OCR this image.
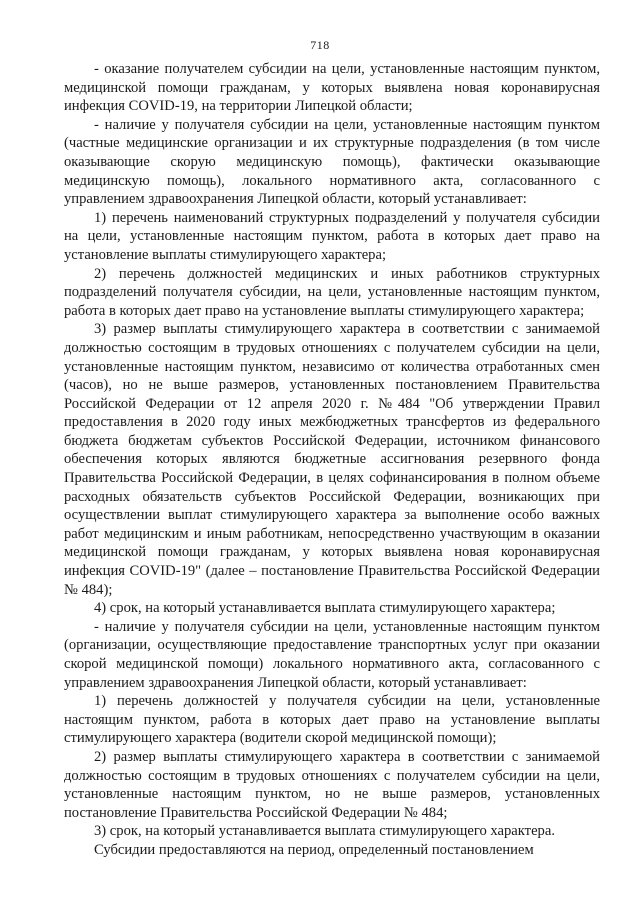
718

- оказание получателем субсидии на цели, установленные настоящим пунктом, медицинской помощи гражданам, у которых выявлена новая коронавирусная инфекция COVID-19, на территории Липецкой области;

- наличие у получателя субсидии на цели, установленные настоящим пунктом (частные медицинские организации и их структурные подразделения (в том числе оказывающие скорую медицинскую помощь), фактически оказывающие медицинскую помощь), локального нормативного акта, согласованного с управлением здравоохранения Липецкой области, который устанавливает:

1) перечень наименований структурных подразделений у получателя субсидии на цели, установленные настоящим пунктом, работа в которых дает право на установление выплаты стимулирующего характера;

2) перечень должностей медицинских и иных работников структурных подразделений получателя субсидии, на цели, установленные настоящим пунктом, работа в которых дает право на установление выплаты стимулирующего характера;

3) размер выплаты стимулирующего характера в соответствии с занимаемой должностью состоящим в трудовых отношениях с получателем субсидии на цели, установленные настоящим пунктом, независимо от количества отработанных смен (часов), но не выше размеров, установленных постановлением Правительства Российской Федерации от 12 апреля 2020 г. №484 "Об утверждении Правил предоставления в 2020 году иных межбюджетных трансфертов из федерального бюджета бюджетам субъектов Российской Федерации, источником финансового обеспечения которых являются бюджетные ассигнования резервного фонда Правительства Российской Федерации, в целях софинансирования в полном объеме расходных обязательств субъектов Российской Федерации, возникающих при осуществлении выплат стимулирующего характера за выполнение особо важных работ медицинским и иным работникам, непосредственно участвующим в оказании медицинской помощи гражданам, у которых выявлена новая коронавирусная инфекция COVID-19" (далее – постановление Правительства Российской Федерации № 484);

4) срок, на который устанавливается выплата стимулирующего характера;

- наличие у получателя субсидии на цели, установленные настоящим пунктом (организации, осуществляющие предоставление транспортных услуг при оказании скорой медицинской помощи) локального нормативного акта, согласованного с управлением здравоохранения Липецкой области, который устанавливает:

1) перечень должностей у получателя субсидии на цели, установленные настоящим пунктом, работа в которых дает право на установление выплаты стимулирующего характера (водители скорой медицинской помощи);

2) размер выплаты стимулирующего характера в соответствии с занимаемой должностью состоящим в трудовых отношениях с получателем субсидии на цели, установленные настоящим пунктом, но не выше размеров, установленных постановление Правительства Российской Федерации № 484;

3) срок, на который устанавливается выплата стимулирующего характера.

Субсидии предоставляются на период, определенный постановлением
